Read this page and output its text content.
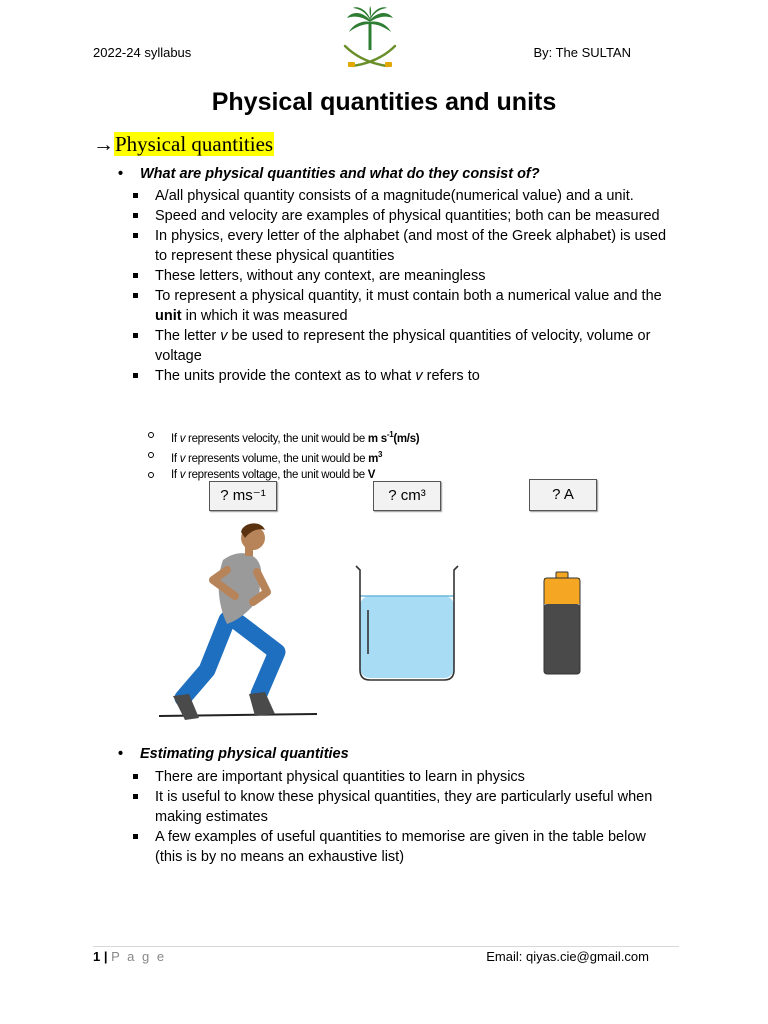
2022-24 syllabus	By: The SULTAN
Physical quantities and units
→Physical quantities
• What are physical quantities and what do they consist of?
A/all physical quantity consists of a magnitude(numerical value) and a unit.
Speed and velocity are examples of physical quantities; both can be measured
In physics, every letter of the alphabet (and most of the Greek alphabet) is used to represent these physical quantities
These letters, without any context, are meaningless
To represent a physical quantity, it must contain both a numerical value and the unit in which it was measured
The letter v be used to represent the physical quantities of velocity, volume or voltage
The units provide the context as to what v refers to
If v represents velocity, the unit would be m $s^{-1}(m/s)$
If v represents volume, the unit would be $m^3$
If v represents voltage, the unit would be V
? ms⁻¹	? cm³	? A
• Estimating physical quantities
There are important physical quantities to learn in physics
It is useful to know these physical quantities, they are particularly useful when making estimates
A few examples of useful quantities to memorise are given in the table below (this is by no means an exhaustive list)
1 | P a g e	Email: qiyas.cie@gmail.com
